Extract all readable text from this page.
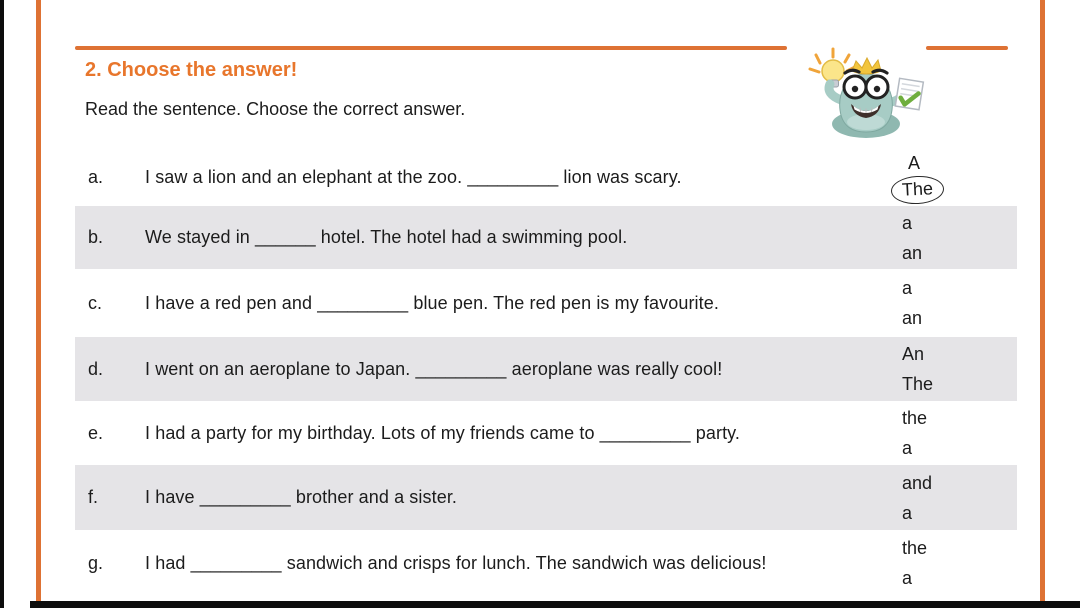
2. Choose the answer!
Read the sentence. Choose the correct answer.
a.	I saw a lion and an elephant at the zoo. _________ lion was scary.
A
The
b.	We stayed in ______ hotel. The hotel had a swimming pool.
a
an
c.	I have a red pen and _________ blue pen. The red pen is my favourite.
a
an
d.	I went on an aeroplane to Japan. _________ aeroplane was really cool!
An
The
e.	I had a party for my birthday. Lots of my friends came to _________ party.
the
a
f.	I have _________ brother and a sister.
and
a
g.	I had _________ sandwich and crisps for lunch. The sandwich was delicious!
the
a
